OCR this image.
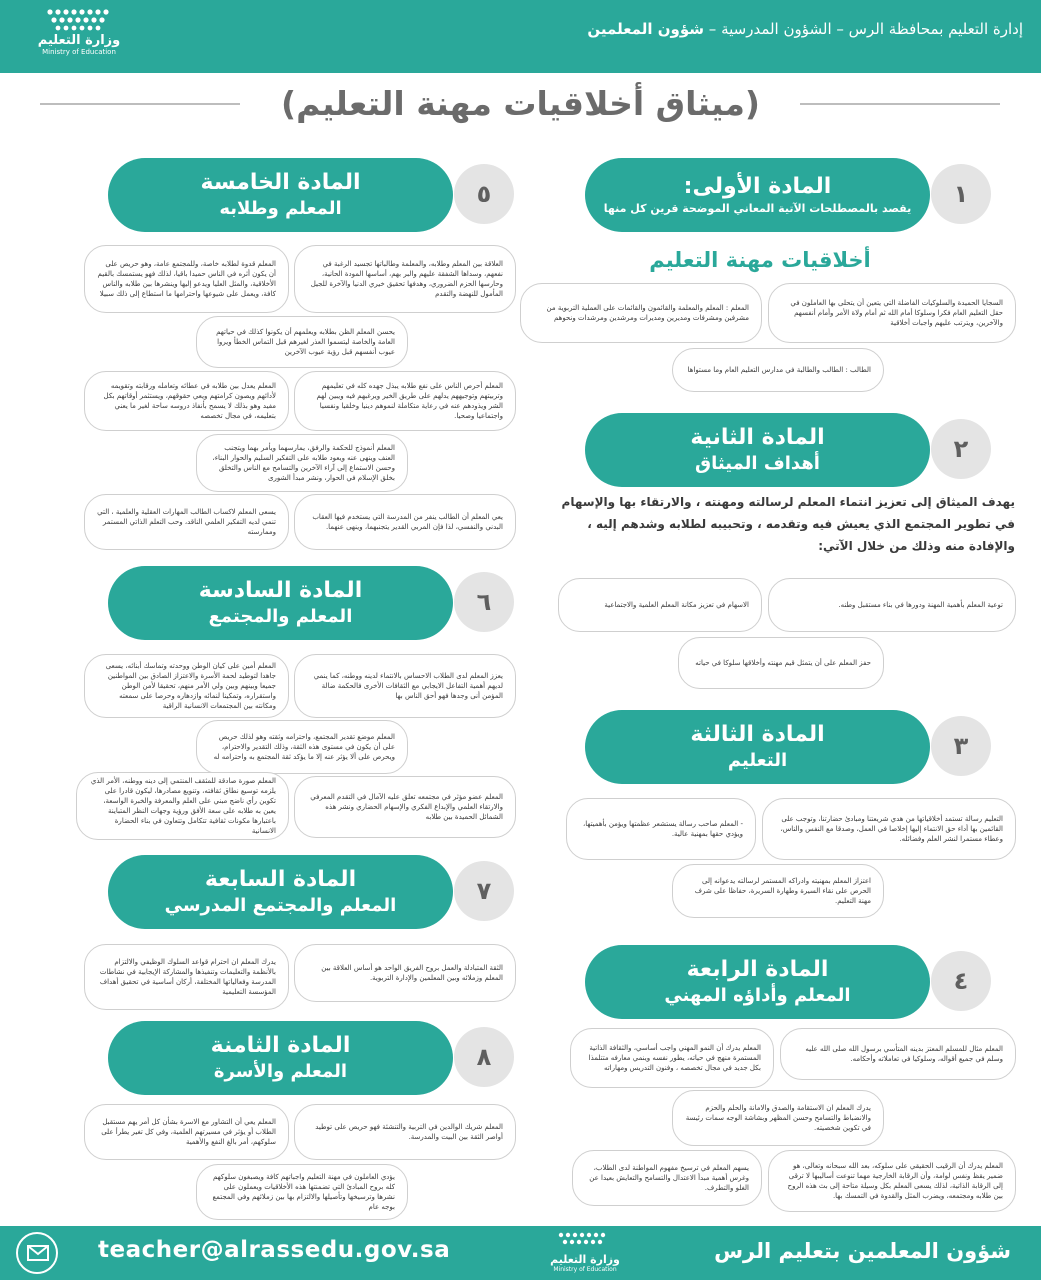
وزارة التعليم
Ministry of Education
إدارة التعليم بمحافظة الرس – الشؤون المدرسية – شؤون المعلمين
(ميثاق أخلاقيات مهنة التعليم)
المادة الأولى:
يقصد بالمصطلحات الآتية المعاني الموضحة قرين كل منها
١
أخلاقيات مهنة التعليم
السجايا الحميدة والسلوكيات الفاضلة التي يتعين أن يتحلى بها العاملون في حقل التعليم العام فكرا وسلوكا أمام الله ثم أمام ولاة الأمر وأمام أنفسهم والآخرين، ويترتب عليهم واجبات أخلاقية
المعلم : المعلم والمعلمة والقائمون والقائمات على العملية التربوية من مشرفين ومشرفات ومديرين ومديرات ومرشدين ومرشدات ونحوهم
الطالب : الطالب والطالبة في مدارس التعليم العام وما مستواها
المادة الثانية
أهداف الميثاق
٢
يهدف الميثاق إلى تعزيز انتماء المعلم لرسالته ومهنته ، والارتقاء بها والإسهام في تطوير المجتمع الذي يعيش فيه وتقدمه ، وتحبيبه لطلابه وشدهم إليه ، والإفادة منه وذلك من خلال الآتي:
توعية المعلم بأهمية المهنة ودورها في بناء مستقبل وطنه.
الاسهام في تعزيز مكانة المعلم العلمية والاجتماعية
حفز المعلم على أن يتمثل قيم مهنته وأخلاقها سلوكا في حياته
المادة الثالثة
التعليم
٣
التعليم رسالة تستمد أخلاقياتها من هدي شريعتنا ومبادئ حضارتنا، وتوجب على القائمين بها أداء حق الانتماء إليها إخلاصا في العمل، وصدقا مع النفس والناس، وعطاء مستمرا لنشر العلم وفضائله.
- المعلم صاحب رسالة يستشعر عظمتها ويؤمن بأهميتها، ويؤدي حقها بمهنية عالية.
اعتزاز المعلم بمهنيته وادراكه المستمر لرسالته يدعوانه إلى الحرص على نقاء السيرة وطهارة السريرة، حفاظا على شرف مهنة التعليم.
المادة الرابعة
المعلم وأداؤه المهني
٤
المعلم مثال للمسلم المعتز بدينه المتأسي برسول الله صلى الله عليه وسلم في جميع أقواله، وسلوكيا في تعاملاته وأحكامه.
المعلم يدرك أن النمو المهني واجب أساسي، والثقافة الذاتية المستمرة منهج في حياته، يطور نفسه وينمي معارفه متتلمذا بكل جديد في مجال تخصصه ، وفنون التدريس ومهاراته
يدرك المعلم ان الاستقامة والصدق والامانة والحلم والحزم والانضباط والتسامح وحسن المظهر وبشاشة الوجه سمات رئيسة في تكوين شخصيته.
المعلم يدرك أن الرقيب الحقيقي على سلوكه، بعد الله سبحانه وتعالى، هو ضمير يقظ ونفس لوامة، وأن الرقابة الخارجية مهما تنوعت أساليبها لا ترقى إلى الرقابة الذاتية، لذلك يسعى المعلم بكل وسيلة متاحة إلى بث هذه الروح بين طلابه ومجتمعه، ويضرب المثل والقدوة في التمسك بها.
يسهم المعلم في ترسيخ مفهوم المواطنة لدى الطلاب، وغرس أهمية مبدأ الاعتدال والتسامح والتعايش بعيدا عن الغلو والتطرف.
المادة الخامسة
المعلم وطلابه
٥
العلاقة بين المعلم وطلابه، والمعلمة وطالباتها تجسيد الرغبة في نفعهم، وسداها الشفقة عليهم والبر بهم، أساسها المودة الحانية، وحارسها الحزم الضروري، وهدفها تحقيق خيري الدنيا والآخرة للجيل المأمول للنهضة والتقدم
المعلم قدوة لطلابه خاصة، وللمجتمع عامة، وهو حريص على أن يكون أثره في الناس حميدا باقيا، لذلك فهو يستمسك بالقيم الأخلاقية، والمثل العليا ويدعو إليها وينشرها بين طلابه والناس كافة، ويعمل على شيوعها واحترامها ما استطاع إلى ذلك سبيلا
يحسن المعلم الظن بطلابه ويعلمهم أن يكونوا كذلك في حياتهم العامة والخاصة ليتسموا العذر لغيرهم قبل التماس الخطأ ويروا عيوب أنفسهم قبل رؤية عيوب الآخرين
المعلم أحرص الناس على نفع طلابه يبذل جهده كله في تعليمهم وتربيتهم وتوجيههم يدلهم على طريق الخير ويرغبهم فيه ويبين لهم الشر ويذودهم عنه في رعاية متكاملة لنموهم دينيا وخلقيا ونفسيا واجتماعيا وصحيا.
المعلم يعدل بين طلابه في عطائه وتعامله ورقابته وتقويمه لأدائهم ويصون كرامتهم ويعي حقوقهم، ويستثمر أوقاتهم بكل مفيد وهو بذلك لا يسمح بأنفاذ دروسه ساحة لغير ما يعني بتعليمه، في مجال تخصصه
المعلم أنموذج للحكمة والرفق، يمارسهما ويأمر بهما ويتجنب العنف وينهى عنه ويعود طلابه على التفكير السليم والحوار البناء، وحسن الاستماع إلى آراء الآخرين والتسامح مع الناس والتخلق بخلق الإسلام في الحوار، ونشر مبدأ الشورى
يعي المعلم أن الطالب ينفر من المدرسة التي يستخدم فيها العقاب البدني والنفسي، لذا فإن المربي القدير يتجنبهما، وينهى عنهما.
يسعى المعلم لاكساب الطالب المهارات العقلية والعلمية ، التي تنمي لديه التفكير العلمي الناقد، وحب التعلم الذاتي المستمر وممارسته
المادة السادسة
المعلم والمجتمع
٦
يعزز المعلم لدى الطلاب الاحساس بالانتماء لدينه ووطنه، كما ينمي لديهم أهمية التفاعل الايجابي مع الثقافات الأخرى فالحكمة ضالة المؤمن أنى وجدها فهو أحق الناس بها
المعلم أمين على كيان الوطن ووحدته وتماسك أبنائه، يسعى جاهدا لتوطيد لحمة الأسرة والاعتزاز الصادق بين المواطنين جميعا وبينهم وبين ولي الأمر منهم، تحقيقا لأمن الوطن واستقراره، وتمكينا لنمائه وازدهاره وحرصا على سمعته ومكانته بين المجتمعات الانسانية الراقية
المعلم موضع تقدير المجتمع، واحترامه وثقته وهو لذلك حريص على أن يكون في مستوى هذه الثقة، وذلك التقدير والاحترام، ويحرص على ألا يؤثر عنه إلا ما يؤكد ثقة المجتمع به واحترامه له
المعلم عضو مؤثر في مجتمعه تعلق عليه الآمال في التقدم المعرفي والارتقاء العلمي والإبداع الفكري والإسهام الحضاري ونشر هذه الشمائل الحميدة بين طلابه
المعلم صورة صادقة للمثقف المنتمي إلى دينه ووطنه، الأمر الذي يلزمه توسيع نطاق ثقافته، وتنويع مصادرها، ليكون قادرا على تكوين رأي ناضج مبني على العلم والمعرفة والخبرة الواسعة، يعين به طلابه على سعة الأفق ورؤية وجهات النظر المتباينة باعتبارها مكونات ثقافية تتكامل وتتعاون في بناء الحضارة الانسانية
المادة السابعة
المعلم والمجتمع المدرسي
٧
الثقة المتبادلة والعمل بروح الفريق الواحد هو أساس العلاقة بين المعلم وزملائه وبين المعلمين والإدارة التربوية.
يدرك المعلم ان احترام قواعد السلوك الوظيفي والالتزام بالأنظمة والتعليمات وتنفيذها والمشاركة الإيجابية في نشاطات المدرسة وفعالياتها المختلفة، أركان أساسية في تحقيق أهداف المؤسسة التعليمية
المادة الثامنة
المعلم والأسرة
٨
المعلم شريك الوالدين في التربية والتنشئة فهو حريص على توطيد أواصر الثقة بين البيت والمدرسة.
المعلم يعي أن التشاور مع الاسرة بشأن كل أمر يهم مستقبل الطلاب أو يؤثر في مسيرتهم العلمية، وفي كل تغير يطرأ على سلوكهم، أمر بالغ النفع والأهمية
يؤدي العاملون في مهنة التعليم واجباتهم كافة ويصبغون سلوكهم كله بروح المبادئ التي تضمنتها هذه الأخلاقيات ويعملون على نشرها وترسيخها وتأصيلها والالتزام بها بين زملائهم وفي المجتمع بوجه عام
teacher@alrassedu.gov.sa	وزارة التعليم
Ministry of Education
شؤون المعلمين بتعليم الرس
